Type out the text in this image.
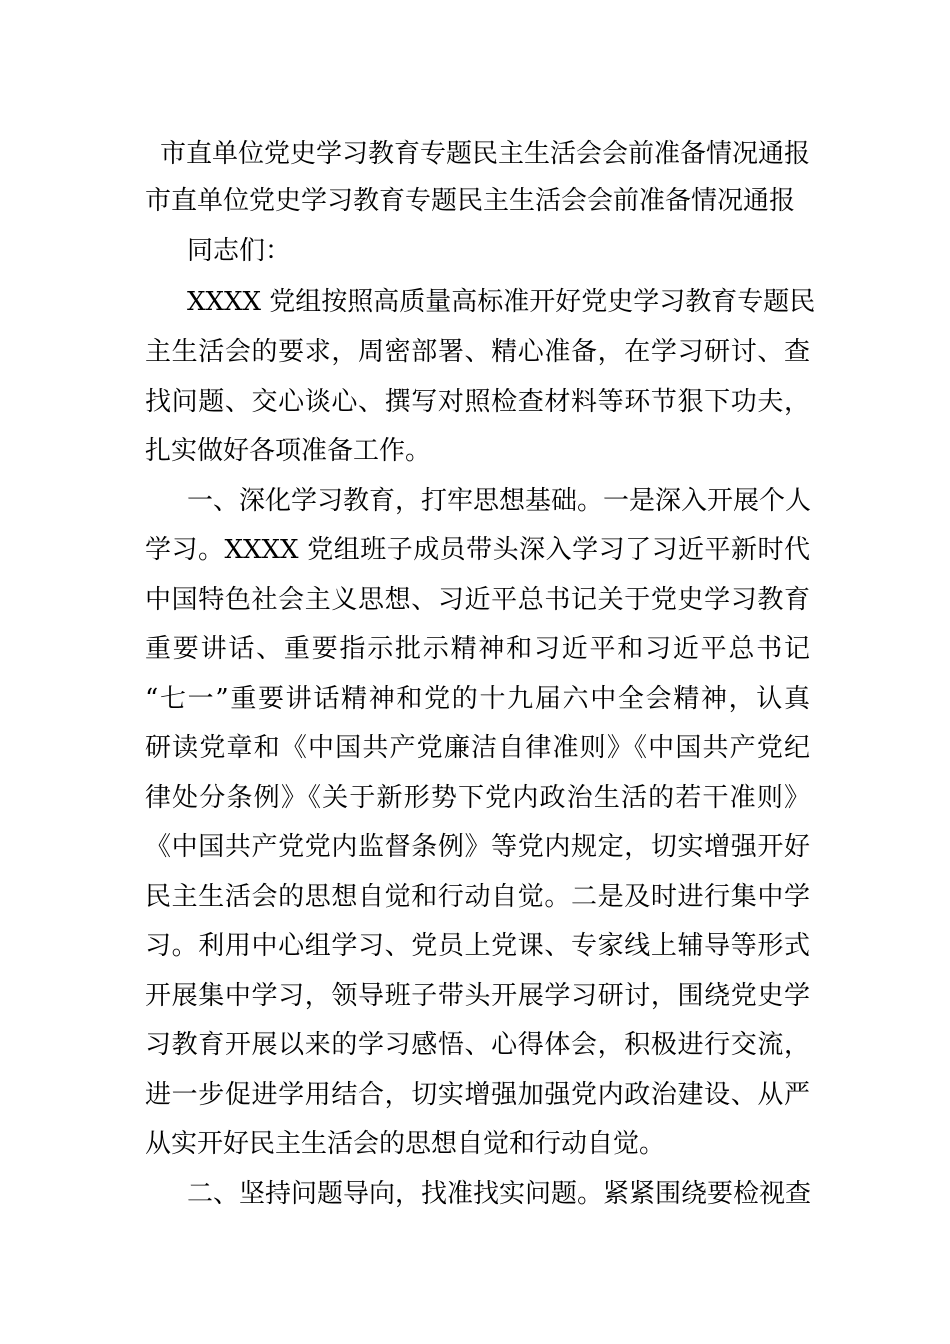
市直单位党史学习教育专题民主生活会会前准备情况通报
市直单位党史学习教育专题民主生活会会前准备情况通报
同志们：
XXXX 党组按照高质量高标准开好党史学习教育专题民
主生活会的要求，周密部署、精心准备，在学习研讨、查
找问题、交心谈心、撰写对照检查材料等环节狠下功夫，
扎实做好各项准备工作。
一、深化学习教育，打牢思想基础。一是深入开展个人
学习。XXXX 党组班子成员带头深入学习了习近平新时代
中国特色社会主义思想、习近平总书记关于党史学习教育
重要讲话、重要指示批示精神和习近平和习近平总书记
“七一”重要讲话精神和党的十九届六中全会精神，认真
研读党章和《中国共产党廉洁自律准则》《中国共产党纪
律处分条例》《关于新形势下党内政治生活的若干准则》
《中国共产党党内监督条例》等党内规定，切实增强开好
民主生活会的思想自觉和行动自觉。二是及时进行集中学
习。利用中心组学习、党员上党课、专家线上辅导等形式
开展集中学习，领导班子带头开展学习研讨，围绕党史学
习教育开展以来的学习感悟、心得体会，积极进行交流，
进一步促进学用结合，切实增强加强党内政治建设、从严
从实开好民主生活会的思想自觉和行动自觉。
二、坚持问题导向，找准找实问题。紧紧围绕要检视查
